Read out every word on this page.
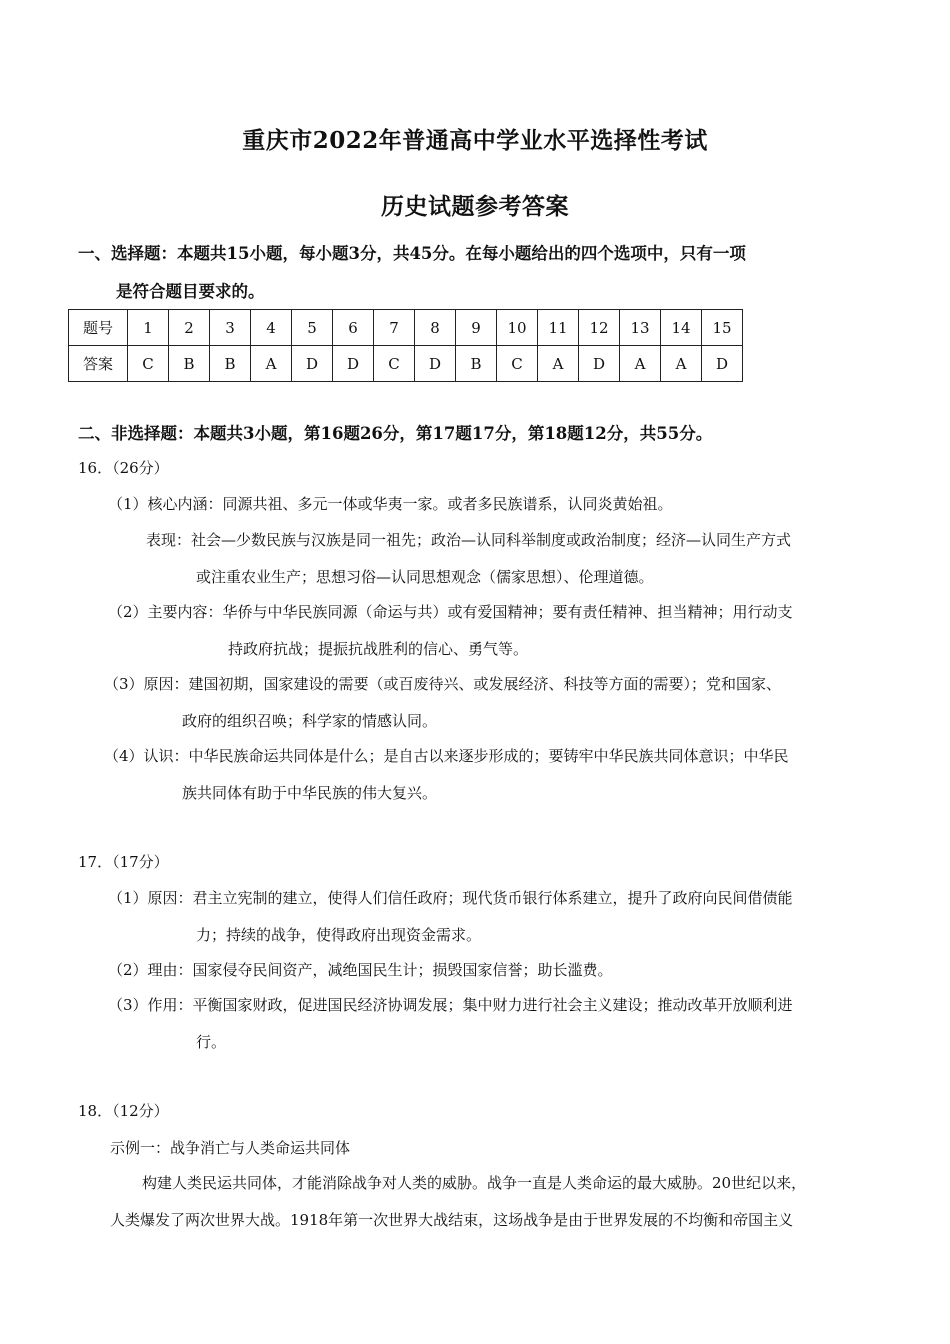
重庆市2022年普通高中学业水平选择性考试
历史试题参考答案
一、选择题：本题共15小题，每小题3分，共45分。在每小题给出的四个选项中，只有一项
是符合题目要求的。
题号	1	2	3	4	5	6	7	8	9	10	11	12	13	14	15
答案	C	B	B	A	D	D	C	D	B	C	A	D	A	A	D
二、非选择题：本题共3小题，第16题26分，第17题17分，第18题12分，共55分。
16．（26分）
（1）核心内涵：同源共祖、多元一体或华夷一家。或者多民族谱系，认同炎黄始祖。
表现：社会—少数民族与汉族是同一祖先；政治—认同科举制度或政治制度；经济—认同生产方式
或注重农业生产；思想习俗—认同思想观念（儒家思想）、伦理道德。
（2）主要内容：华侨与中华民族同源（命运与共）或有爱国精神；要有责任精神、担当精神；用行动支
持政府抗战；提振抗战胜利的信心、勇气等。
（3）原因：建国初期，国家建设的需要（或百废待兴、或发展经济、科技等方面的需要）；党和国家、
政府的组织召唤；科学家的情感认同。
（4）认识：中华民族命运共同体是什么；是自古以来逐步形成的；要铸牢中华民族共同体意识；中华民
族共同体有助于中华民族的伟大复兴。
17．（17分）
（1）原因：君主立宪制的建立，使得人们信任政府；现代货币银行体系建立，提升了政府向民间借债能
力；持续的战争，使得政府出现资金需求。
（2）理由：国家侵夺民间资产，减绝国民生计；损毁国家信誉；助长滥费。
（3）作用：平衡国家财政，促进国民经济协调发展；集中财力进行社会主义建设；推动改革开放顺利进
行。
18．（12分）
示例一：战争消亡与人类命运共同体
构建人类民运共同体，才能消除战争对人类的威胁。战争一直是人类命运的最大威胁。20世纪以来，
人类爆发了两次世界大战。1918年第一次世界大战结束，这场战争是由于世界发展的不均衡和帝国主义
